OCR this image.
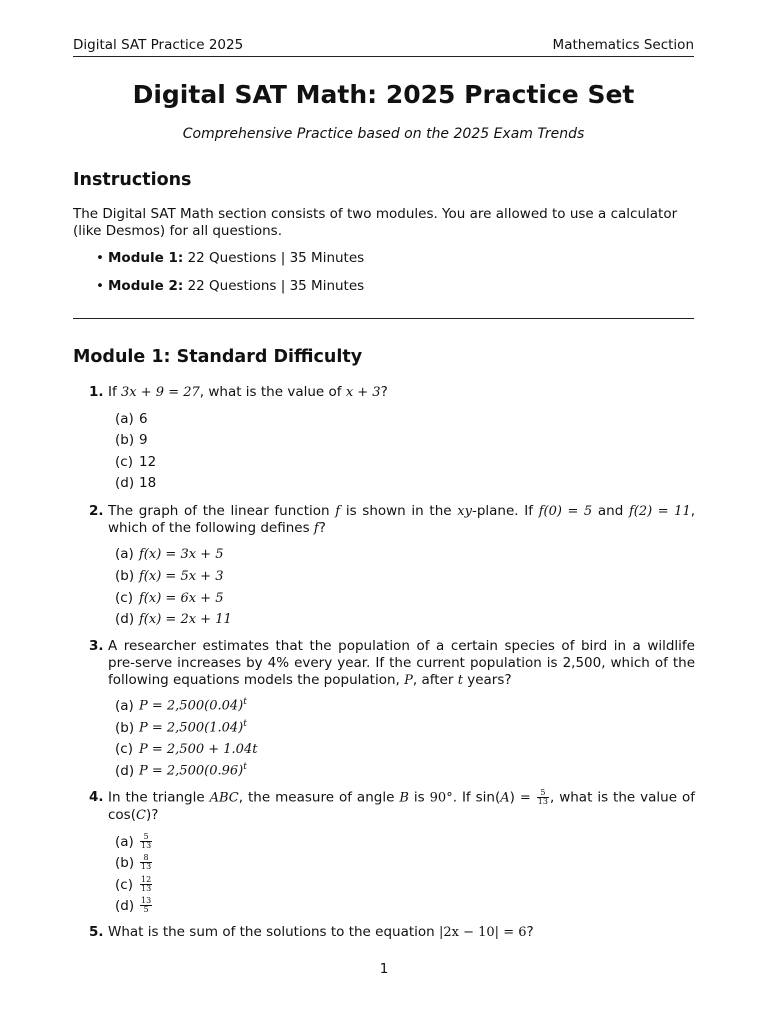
Digital SAT Practice 2025	Mathematics Section
Digital SAT Math: 2025 Practice Set
Comprehensive Practice based on the 2025 Exam Trends
Instructions
The Digital SAT Math section consists of two modules. You are allowed to use a calculator (like Desmos) for all questions.
• Module 1: 22 Questions | 35 Minutes
• Module 2: 22 Questions | 35 Minutes
Module 1: Standard Difficulty
1. If 3x + 9 = 27, what is the value of x + 3?
(a) 6
(b) 9
(c) 12
(d) 18
2. The graph of the linear function f is shown in the xy-plane. If f(0) = 5 and f(2) = 11, which of the following defines f?
(a) f(x) = 3x + 5
(b) f(x) = 5x + 3
(c) f(x) = 6x + 5
(d) f(x) = 2x + 11
3. A researcher estimates that the population of a certain species of bird in a wildlife pre-serve increases by 4% every year. If the current population is 2,500, which of the following equations models the population, P, after t years?
(a) $P = 2,500(0.04)^t$
(b) $P = 2,500(1.04)^t$
(c) P = 2,500 + 1.04t
(d) $P = 2,500(0.96)^t$
4. In the triangle ABC, the measure of angle B is 90°. If $\sin(A) = \frac{5}{13}$ , what is the value of cos(C)?
$(a) \frac{5}{13}$
$(b) \frac{8}{13}$
$(c) \frac{12}{13}$
$(d) \frac{13}{5}$
5. What is the sum of the solutions to the equation |2x − 10| = 6?
1
